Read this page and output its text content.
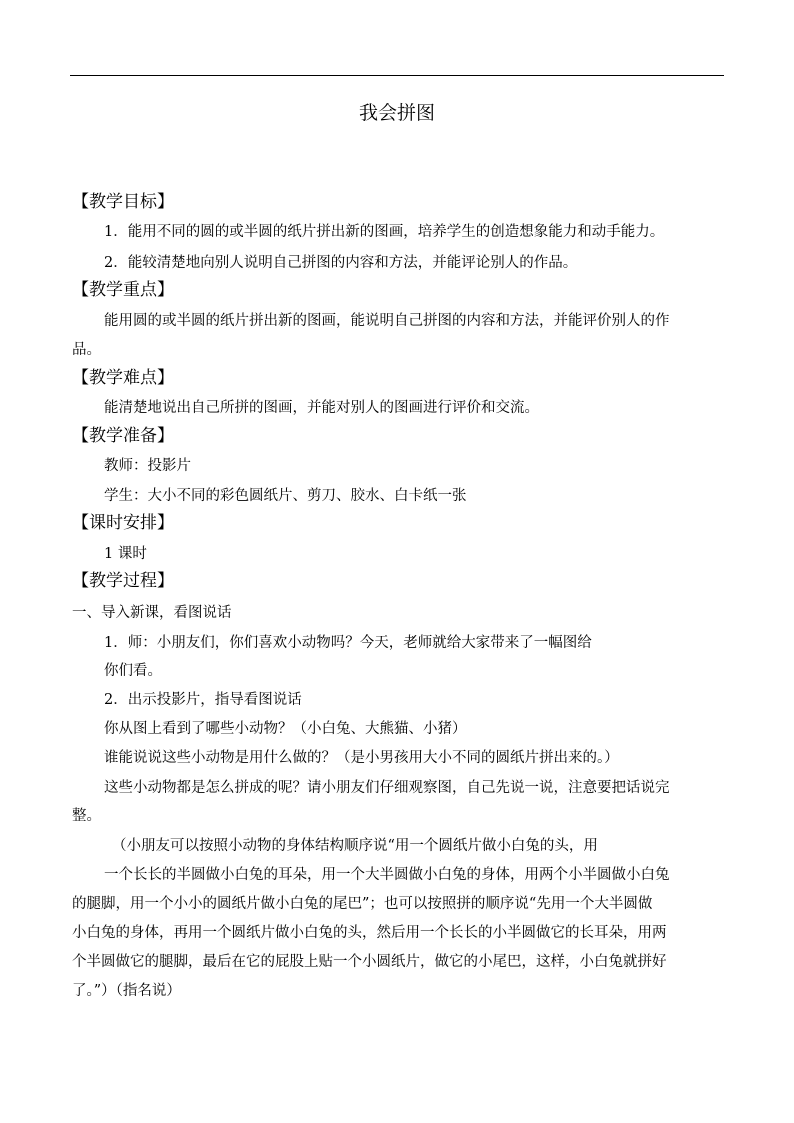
我会拼图
【教学目标】
1．能用不同的圆的或半圆的纸片拼出新的图画，培养学生的创造想象能力和动手能力。
2．能较清楚地向别人说明自己拼图的内容和方法，并能评论别人的作品。
【教学重点】
能用圆的或半圆的纸片拼出新的图画，能说明自己拼图的内容和方法，并能评价别人的作
品。
【教学难点】
能清楚地说出自己所拼的图画，并能对别人的图画进行评价和交流。
【教学准备】
教师：投影片
学生：大小不同的彩色圆纸片、剪刀、胶水、白卡纸一张
【课时安排】
1 课时
【教学过程】
一、导入新课，看图说话
1．师：小朋友们，你们喜欢小动物吗？今天，老师就给大家带来了一幅图给
你们看。
2．出示投影片，指导看图说话
你从图上看到了哪些小动物？（小白兔、大熊猫、小猪）
谁能说说这些小动物是用什么做的？（是小男孩用大小不同的圆纸片拼出来的。）
这些小动物都是怎么拼成的呢？请小朋友们仔细观察图，自己先说一说，注意要把话说完
整。
（小朋友可以按照小动物的身体结构顺序说“用一个圆纸片做小白兔的头，用
一个长长的半圆做小白兔的耳朵，用一个大半圆做小白兔的身体，用两个小半圆做小白兔
的腿脚，用一个小小的圆纸片做小白兔的尾巴”；也可以按照拼的顺序说“先用一个大半圆做
小白兔的身体，再用一个圆纸片做小白兔的头，然后用一个长长的小半圆做它的长耳朵，用两
个半圆做它的腿脚，最后在它的屁股上贴一个小圆纸片，做它的小尾巴，这样，小白兔就拼好
了。”）（指名说）
